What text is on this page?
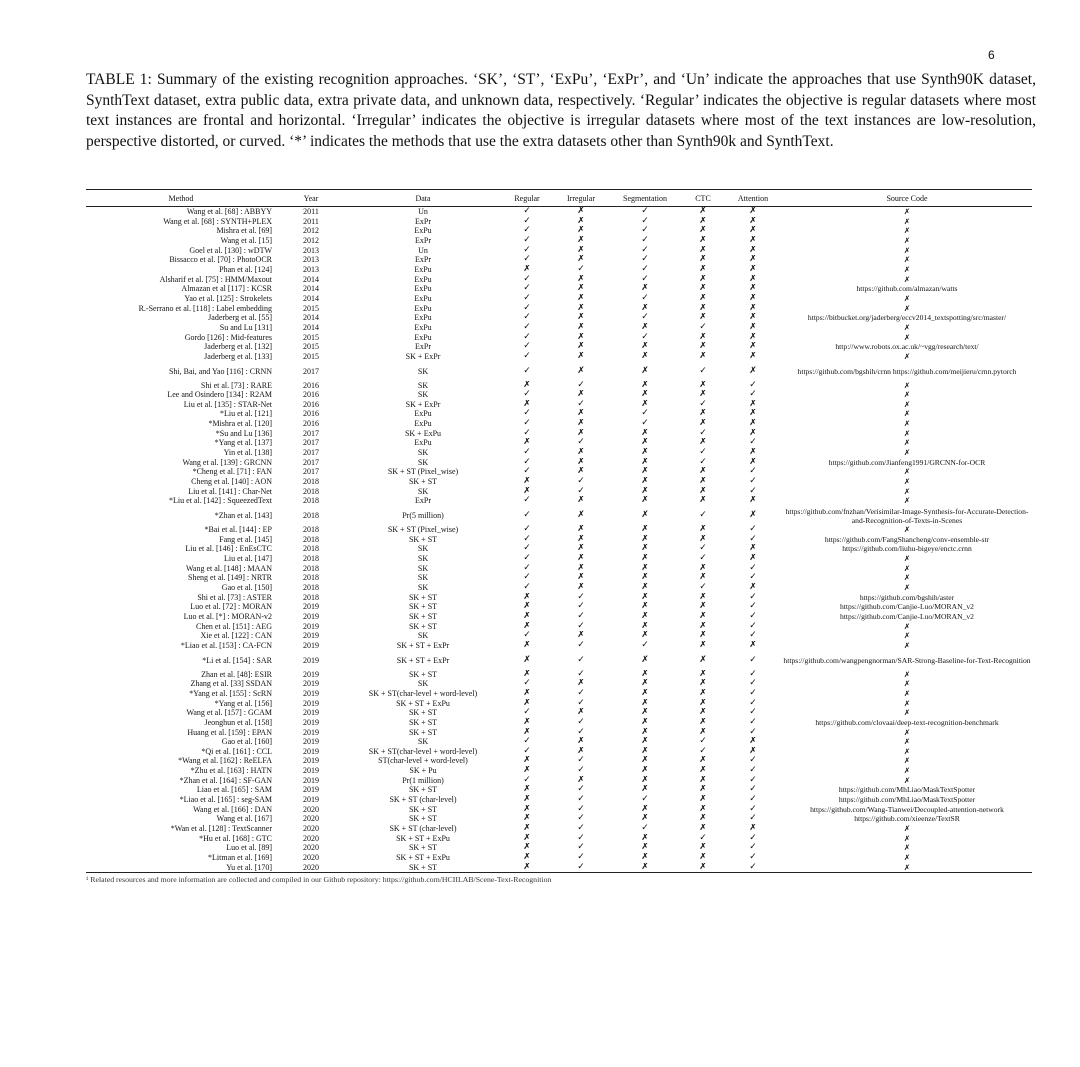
6
TABLE 1: Summary of the existing recognition approaches. ‘SK’, ‘ST’, ‘ExPu’, ‘ExPr’, and ‘Un’ indicate the approaches that use Synth90K dataset, SynthText dataset, extra public data, extra private data, and unknown data, respectively. ‘Regular’ indicates the objective is regular datasets where most text instances are frontal and horizontal. ‘Irregular’ indicates the objective is irregular datasets where most of the text instances are low-resolution, perspective distorted, or curved. ‘*’ indicates the methods that use the extra datasets other than Synth90k and SynthText.
Method	Year	Data	Regular	Irregular	Segmentation	CTC	Attention	Source Code

Wang et al. [68] : ABBYY	2011	Un	✓	✗	✓	✗	✗	✗
Wang et al. [68] : SYNTH+PLEX	2011	ExPr	✓	✗	✓	✗	✗	✗
Mishra et al. [69]	2012	ExPu	✓	✗	✓	✗	✗	✗
Wang et al. [15]	2012	ExPr	✓	✗	✓	✗	✗	✗
Goel et al. [130] : wDTW	2013	Un	✓	✗	✓	✗	✗	✗
Bissacco et al. [70] : PhotoOCR	2013	ExPr	✓	✗	✓	✗	✗	✗
Phan et al. [124]	2013	ExPu	✗	✓	✓	✗	✗	✗
Alsharif et al. [75] : HMM/Maxout	2014	ExPu	✓	✗	✓	✗	✗	✗
Almazan et al [117] : KCSR	2014	ExPu	✓	✗	✗	✗	✗	https://github.com/almazan/watts
Yao et al. [125] : Strokelets	2014	ExPu	✓	✗	✓	✗	✗	✗
R.-Serrano et al. [118] : Label embedding	2015	ExPu	✓	✗	✗	✗	✗	✗
Jaderberg et al. [55]	2014	ExPu	✓	✗	✓	✗	✗	https://bitbucket.org/jaderberg/eccv2014_textspotting/src/master/
Su and Lu [131]	2014	ExPu	✓	✗	✗	✓	✗	✗
Gordo [126] : Mid-features	2015	ExPu	✓	✗	✓	✗	✗	✗
Jaderberg et al. [132]	2015	ExPr	✓	✗	✗	✗	✗	http://www.robots.ox.ac.uk/~vgg/research/text/
Jaderberg et al. [133]	2015	SK + ExPr	✓	✗	✗	✗	✗	✗
Shi, Bai, and Yao [116] : CRNN	2017	SK	✓	✗	✗	✓	✗	https://github.com/bgshih/crnn https://github.com/meijieru/crnn.pytorch
Shi et al. [73] : RARE	2016	SK	✗	✓	✗	✗	✓	✗
Lee and Osindero [134] : R2AM	2016	SK	✓	✗	✗	✗	✓	✗
Liu et al. [135] : STAR-Net	2016	SK + ExPr	✗	✓	✗	✓	✗	✗
*Liu et al. [121]	2016	ExPu	✓	✗	✓	✗	✗	✗
*Mishra et al. [120]	2016	ExPu	✓	✗	✓	✗	✗	✗
*Su and Lu [136]	2017	SK + ExPu	✓	✗	✗	✓	✗	✗
*Yang et al. [137]	2017	ExPu	✗	✓	✗	✗	✓	✗
Yin et al. [138]	2017	SK	✓	✗	✗	✓	✗	✗
Wang et al. [139] : GRCNN	2017	SK	✓	✗	✗	✓	✗	https://github.com/Jianfeng1991/GRCNN-for-OCR
*Cheng et al. [71] : FAN	2017	SK + ST (Pixel_wise)	✓	✗	✗	✗	✓	✗
Cheng et al. [140] : AON	2018	SK + ST	✗	✓	✗	✗	✓	✗
Liu et al. [141] : Char-Net	2018	SK	✗	✓	✗	✗	✓	✗
*Liu et al. [142] : SqueezedText	2018	ExPr	✓	✗	✗	✗	✗	✗
*Zhan et al. [143]	2018	Pr(5 million)	✓	✗	✗	✓	✗	https://github.com/fnzhan/Verisimilar-Image-Synthesis-for-Accurate-Detection-and-Recognition-of-Texts-in-Scenes
*Bai et al. [144] : EP	2018	SK + ST (Pixel_wise)	✓	✗	✗	✗	✓	✗
Fang et al. [145]	2018	SK + ST	✓	✗	✗	✗	✓	https://github.com/FangShancheng/conv-ensemble-str
Liu et al. [146] : EnEsCTC	2018	SK	✓	✗	✗	✓	✗	https://github.com/liuhu-bigeye/enctc.crnn
Liu et al. [147]	2018	SK	✓	✗	✗	✓	✗	✗
Wang et al. [148] : MAAN	2018	SK	✓	✗	✗	✗	✓	✗
Sheng et al. [149] : NRTR	2018	SK	✓	✗	✗	✗	✓	✗
Gao et al. [150]	2018	SK	✓	✗	✗	✓	✗	✗
Shi et al. [73] : ASTER	2018	SK + ST	✗	✓	✗	✗	✓	https://github.com/bgshih/aster
Luo et al. [72] : MORAN	2019	SK + ST	✗	✓	✗	✗	✓	https://github.com/Canjie-Luo/MORAN_v2
Luo et al. [*] : MORAN-v2	2019	SK + ST	✗	✓	✗	✗	✓	https://github.com/Canjie-Luo/MORAN_v2
Chen et al. [151] : AEG	2019	SK + ST	✗	✓	✗	✗	✓	✗
Xie et al. [122] : CAN	2019	SK	✓	✗	✗	✗	✓	✗
*Liao et al. [153] : CA-FCN	2019	SK + ST + ExPr	✗	✓	✓	✗	✗	✗
*Li et al. [154] : SAR	2019	SK + ST + ExPr	✗	✓	✗	✗	✓	https://github.com/wangpengnorman/SAR-Strong-Baseline-for-Text-Recognition
Zhan et al. [48]: ESIR	2019	SK + ST	✗	✓	✗	✗	✓	✗
Zhang et al. [33] SSDAN	2019	SK	✓	✗	✗	✗	✓	✗
*Yang et al. [155] : ScRN	2019	SK + ST(char-level + word-level)	✗	✓	✗	✗	✓	✗
*Yang et al. [156]	2019	SK + ST + ExPu	✗	✓	✗	✗	✓	✗
Wang et al. [157] : GCAM	2019	SK + ST	✓	✗	✗	✗	✓	✗
Jeonghun et al. [158]	2019	SK + ST	✗	✓	✗	✗	✓	https://github.com/clovaai/deep-text-recognition-benchmark
Huang et al. [159] : EPAN	2019	SK + ST	✗	✓	✗	✗	✓	✗
Gao et al. [160]	2019	SK	✓	✗	✗	✓	✗	✗
*Qi et al. [161] : CCL	2019	SK + ST(char-level + word-level)	✓	✗	✗	✓	✗	✗
*Wang et al. [162] : ReELFA	2019	ST(char-level + word-level)	✗	✓	✗	✗	✓	✗
*Zhu et al. [163] : HATN	2019	SK + Pu	✗	✓	✗	✗	✓	✗
*Zhan et al. [164] : SF-GAN	2019	Pr(1 million)	✓	✗	✗	✗	✓	✗
Liao et al. [165] : SAM	2019	SK + ST	✗	✓	✗	✗	✓	https://github.com/MhLiao/MaskTextSpotter
*Liao et al. [165] : seg-SAM	2019	SK + ST (char-level)	✗	✓	✓	✗	✓	https://github.com/MhLiao/MaskTextSpotter
Wang et al. [166] : DAN	2020	SK + ST	✗	✓	✗	✗	✓	https://github.com/Wang-Tianwei/Decoupled-attention-network
Wang et al. [167]	2020	SK + ST	✗	✓	✗	✗	✓	https://github.com/xieenze/TextSR
*Wan et al. [128] : TextScanner	2020	SK + ST (char-level)	✗	✓	✓	✗	✗	✗
*Hu et al. [168] : GTC	2020	SK + ST + ExPu	✗	✓	✗	✓	✓	✗
Luo et al. [89]	2020	SK + ST	✗	✓	✗	✗	✓	✗
*Litman et al. [169]	2020	SK + ST + ExPu	✗	✓	✗	✗	✓	✗
Yu et al. [170]	2020	SK + ST	✗	✓	✗	✗	✓	✗
¹ Related resources and more information are collected and compiled in our Github repository: https://github.com/HCIILAB/Scene-Text-Recognition
